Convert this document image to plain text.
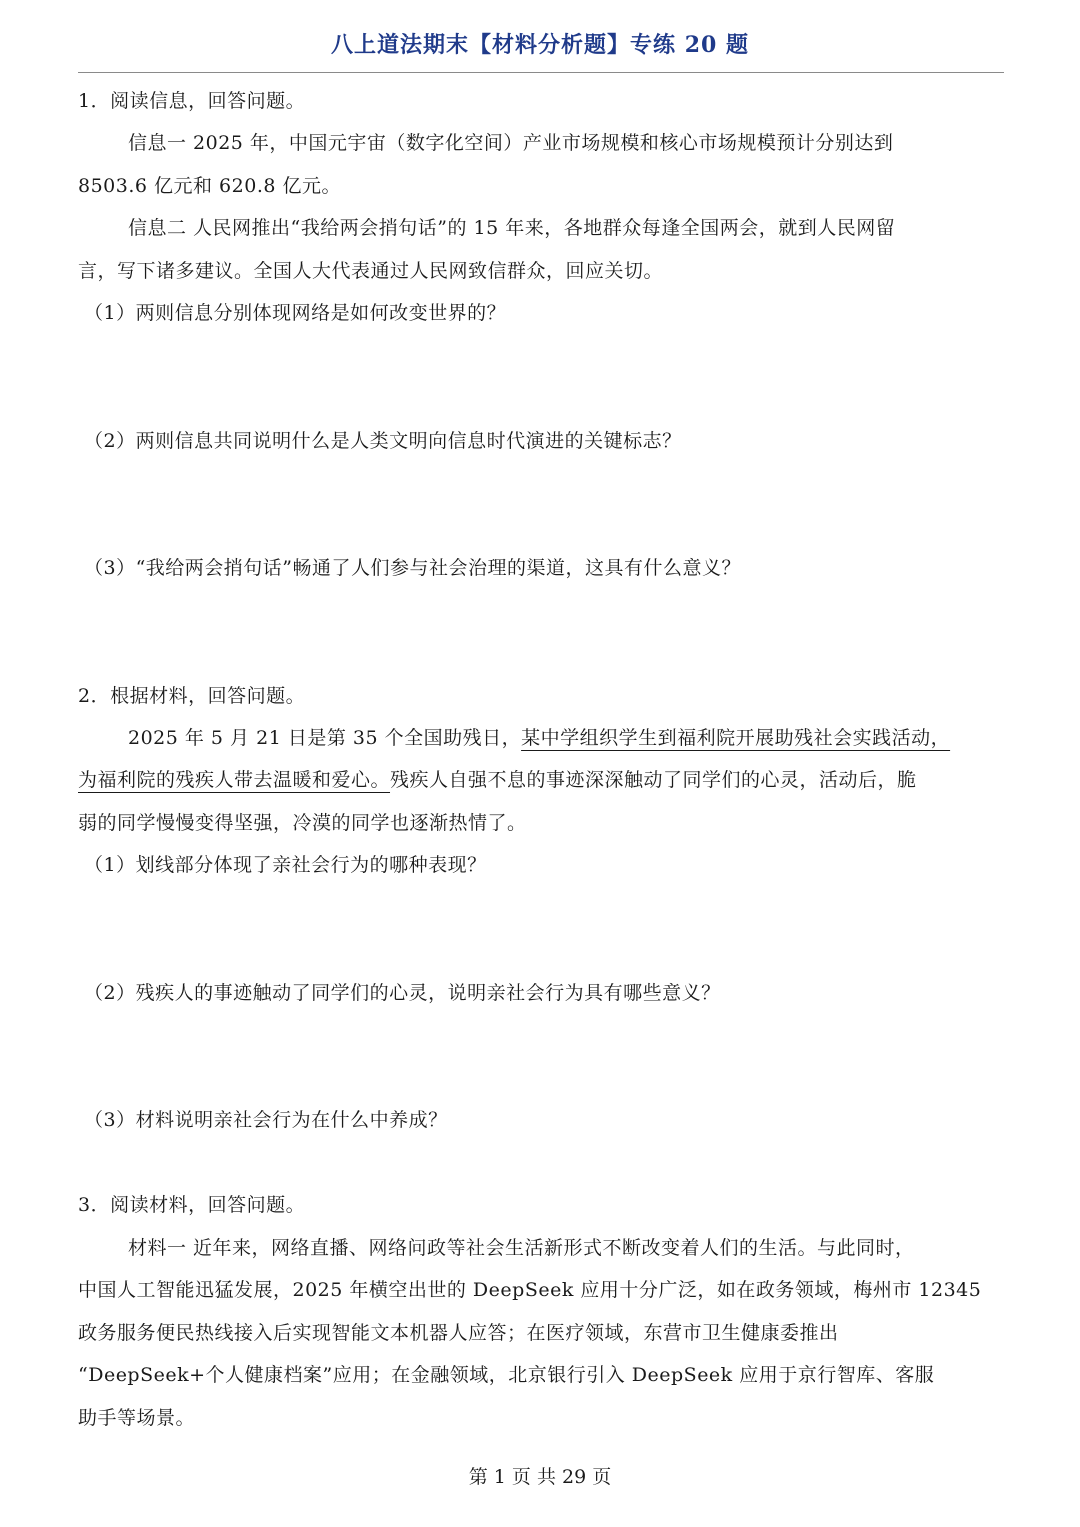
八上道法期末【材料分析题】专练 20 题
1．阅读信息，回答问题。
信息一 2025 年，中国元宇宙（数字化空间）产业市场规模和核心市场规模预计分别达到
8503.6 亿元和 620.8 亿元。
信息二 人民网推出“我给两会捎句话”的 15 年来，各地群众每逢全国两会，就到人民网留
言，写下诸多建议。全国人大代表通过人民网致信群众，回应关切。
（1）两则信息分别体现网络是如何改变世界的？
（2）两则信息共同说明什么是人类文明向信息时代演进的关键标志？
（3）“我给两会捎句话”畅通了人们参与社会治理的渠道，这具有什么意义？
2．根据材料，回答问题。
2025 年 5 月 21 日是第 35 个全国助残日，某中学组织学生到福利院开展助残社会实践活动，
为福利院的残疾人带去温暖和爱心。残疾人自强不息的事迹深深触动了同学们的心灵，活动后，脆
弱的同学慢慢变得坚强，冷漠的同学也逐渐热情了。
（1）划线部分体现了亲社会行为的哪种表现？
（2）残疾人的事迹触动了同学们的心灵，说明亲社会行为具有哪些意义？
（3）材料说明亲社会行为在什么中养成？
3．阅读材料，回答问题。
材料一 近年来，网络直播、网络问政等社会生活新形式不断改变着人们的生活。与此同时，
中国人工智能迅猛发展，2025 年横空出世的 DeepSeek 应用十分广泛，如在政务领域，梅州市 12345
政务服务便民热线接入后实现智能文本机器人应答；在医疗领域，东营市卫生健康委推出
“DeepSeek+个人健康档案”应用；在金融领域，北京银行引入 DeepSeek 应用于京行智库、客服
助手等场景。
第 1 页 共 29 页
